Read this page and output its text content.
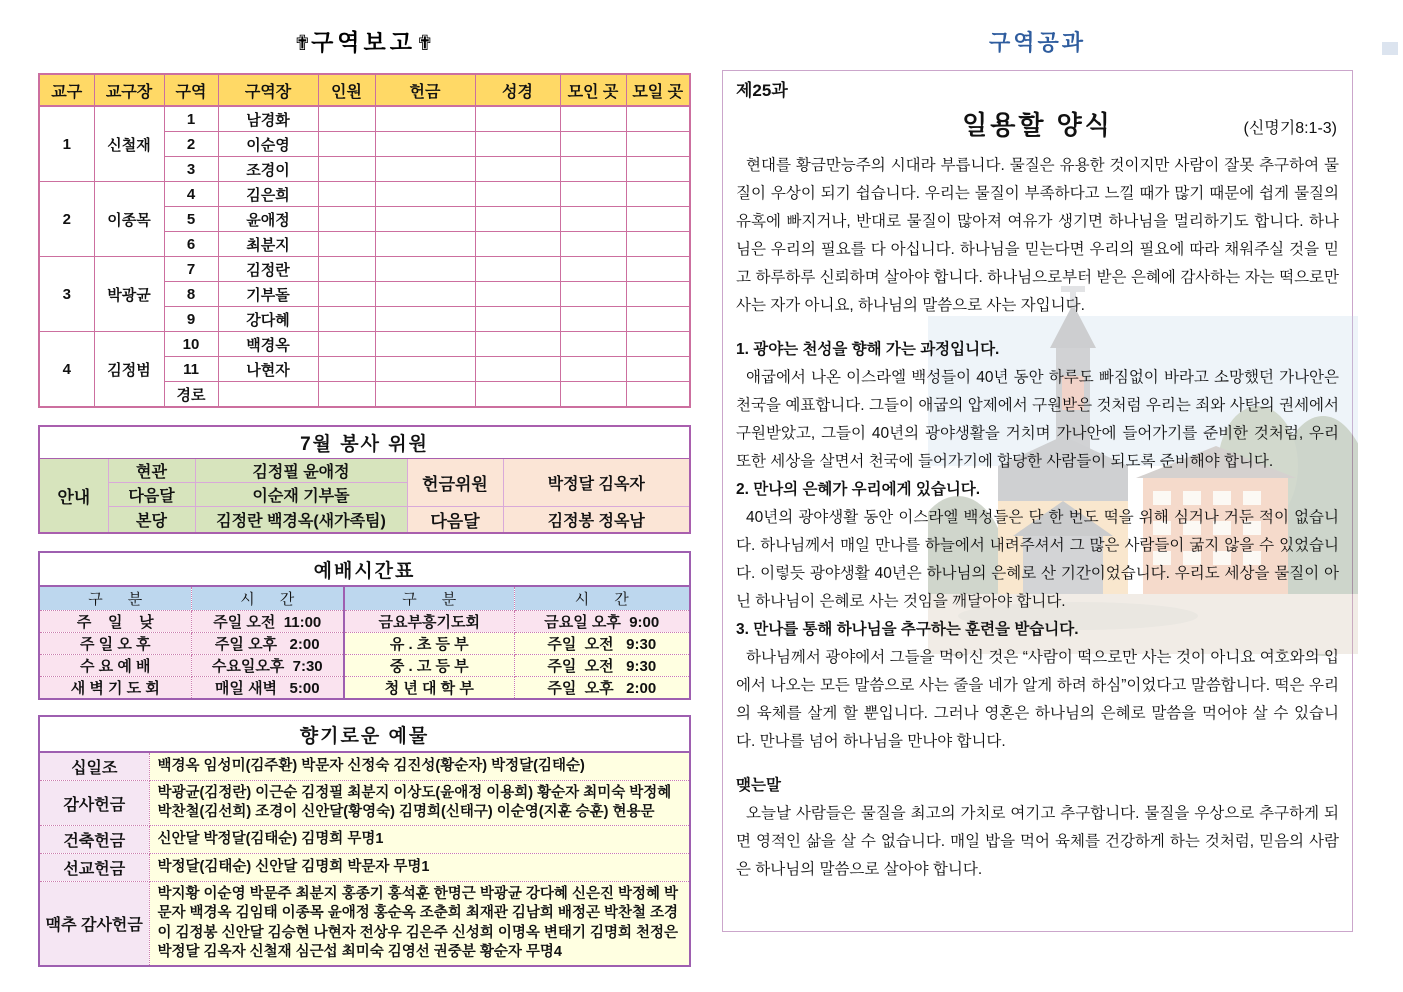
✟구역보고✟
교구	교구장	구역	구역장	인원	헌금	성경	모인 곳	모일 곳
1	신철재	1	남경화					
		2	이순영					
		3	조경이					
2	이종목	4	김은희					
		5	윤애정					
		6	최분지					
3	박광균	7	김정란					
		8	기부돌					
		9	강다혜					
4	김정범	10	백경옥					
		11	나현자					
		경로						
7월 봉사 위원				
안내	현관	김정필 윤애정	헌금위원	박정달 김옥자
	다음달	이순재 기부돌		
	본당	김정란 백경옥(새가족팀)	다음달	김정봉 정옥남
예배시간표			
구      분	시      간	구      분	시      간
주    일    낮	주일 오전  11:00	금요부흥기도회	금요일 오후  9:00
주 일 오 후	주일 오후   2:00	유 . 초 등 부	주일  오전   9:30
수 요 예 배	수요일오후  7:30	중 . 고 등 부	주일  오전   9:30
새 벽 기 도 회	매일 새벽   5:00	청 년 대 학 부	주일  오후   2:00
향기로운 예물	
십일조	백경옥 임성미(김주환) 박문자 신정숙 김진성(황순자) 박정달(김태순)
감사헌금	박광균(김정란) 이근순 김정필 최분지 이상도(윤애정 이용희) 황순자 최미숙 박정혜 박찬철(김선희) 조경이 신안달(황영숙) 김명희(신태구) 이순영(지훈 승훈) 현용문
건축헌금	신안달 박정달(김태순) 김명희 무명1
선교헌금	박정달(김태순) 신안달 김명희 박문자 무명1
맥추 감사헌금	박지황 이순영 박문주 최분지 홍종기 홍석훈 한명근 박광균 강다혜 신은진 박정혜 박문자 백경옥 김임태 이종목 윤애정 홍순옥 조춘희 최재관 김남희 배정곤 박찬철 조경이 김정봉 신안달 김승현 나현자 전상우 김은주 신성희 이명옥 변태기 김명희 천정은 박정달 김옥자 신철재 심근섭 최미숙 김영선 권중분 황순자 무명4
구역공과
제25과
일용할 양식	(신명기8:1-3)

현대를 황금만능주의 시대라 부릅니다. 물질은 유용한 것이지만 사람이 잘못 추구하여 물질이 우상이 되기 쉽습니다. 우리는 물질이 부족하다고 느낄 때가 많기 때문에 쉽게 물질의 유혹에 빠지거나, 반대로 물질이 많아져 여유가 생기면 하나님을 멀리하기도 합니다. 하나님은 우리의 필요를 다 아십니다. 하나님을 믿는다면 우리의 필요에 따라 채워주실 것을 믿고 하루하루 신뢰하며 살아야 합니다. 하나님으로부터 받은 은혜에 감사하는 자는 떡으로만 사는 자가 아니요, 하나님의 말씀으로 사는 자입니다.

1. 광야는 천성을 향해 가는 과정입니다.

애굽에서 나온 이스라엘 백성들이 40년 동안 하루도 빠짐없이 바라고 소망했던 가나안은 천국을 예표합니다. 그들이 애굽의 압제에서 구원받은 것처럼 우리는 죄와 사탄의 권세에서 구원받았고, 그들이 40년의 광야생활을 거치며 가나안에 들어가기를 준비한 것처럼, 우리 또한 세상을 살면서 천국에 들어가기에 합당한 사람들이 되도록 준비해야 합니다.

2. 만나의 은혜가 우리에게 있습니다.

40년의 광야생활 동안 이스라엘 백성들은 단 한 번도 떡을 위해 심거나 거둔 적이 없습니다. 하나님께서 매일 만나를 하늘에서 내려주셔서 그 많은 사람들이 굶지 않을 수 있었습니다. 이렇듯 광야생활 40년은 하나님의 은혜로 산 기간이었습니다. 우리도 세상을 물질이 아닌 하나님이 은혜로 사는 것임을 깨달아야 합니다.

3. 만나를 통해 하나님을 추구하는 훈련을 받습니다.

하나님께서 광야에서 그들을 먹이신 것은 “사람이 떡으로만 사는 것이 아니요 여호와의 입에서 나오는 모든 말씀으로 사는 줄을 네가 알게 하려 하심”이었다고 말씀합니다. 떡은 우리의 육체를 살게 할 뿐입니다. 그러나 영혼은 하나님의 은혜로 말씀을 먹어야 살 수 있습니다. 만나를 넘어 하나님을 만나야 합니다.

맺는말

오늘날 사람들은 물질을 최고의 가치로 여기고 추구합니다. 물질을 우상으로 추구하게 되면 영적인 삶을 살 수 없습니다. 매일 밥을 먹어 육체를 건강하게 하는 것처럼, 믿음의 사람은 하나님의 말씀으로 살아야 합니다.
